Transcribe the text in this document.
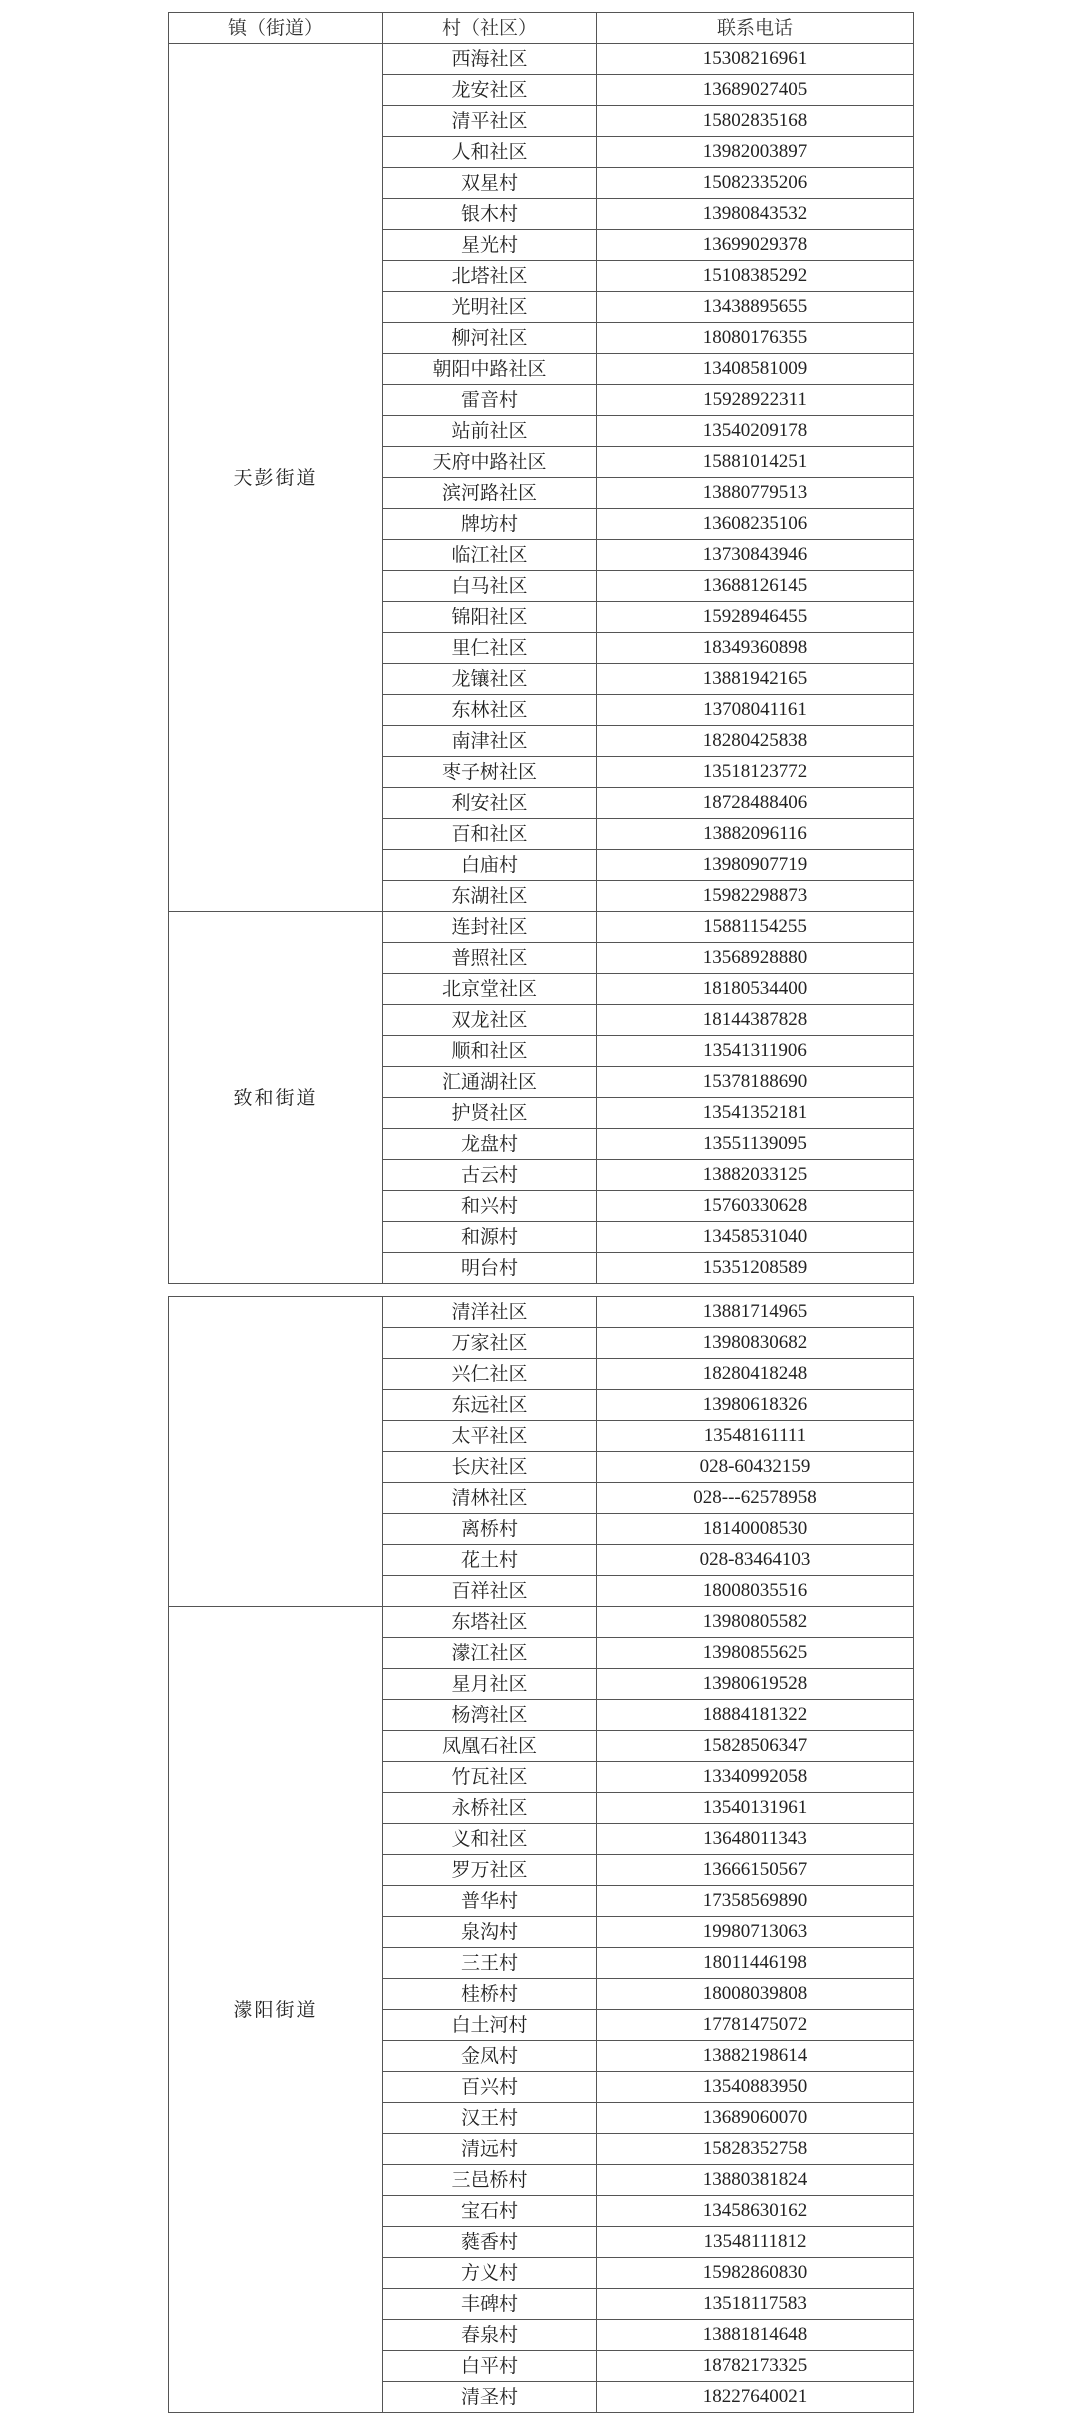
镇（街道）	村（社区）	联系电话
天彭街道	西海社区	15308216961
	龙安社区	13689027405
	清平社区	15802835168
	人和社区	13982003897
	双星村	15082335206
	银木村	13980843532
	星光村	13699029378
	北塔社区	15108385292
	光明社区	13438895655
	柳河社区	18080176355
	朝阳中路社区	13408581009
	雷音村	15928922311
	站前社区	13540209178
	天府中路社区	15881014251
	滨河路社区	13880779513
	牌坊村	13608235106
	临江社区	13730843946
	白马社区	13688126145
	锦阳社区	15928946455
	里仁社区	18349360898
	龙镶社区	13881942165
	东林社区	13708041161
	南津社区	18280425838
	枣子树社区	13518123772
	利安社区	18728488406
	百和社区	13882096116
	白庙村	13980907719
	东湖社区	15982298873
致和街道	连封社区	15881154255
	普照社区	13568928880
	北京堂社区	18180534400
	双龙社区	18144387828
	顺和社区	13541311906
	汇通湖社区	15378188690
	护贤社区	13541352181
	龙盘村	13551139095
	古云村	13882033125
	和兴村	15760330628
	和源村	13458531040
	明台村	15351208589
	清洋社区	13881714965
	万家社区	13980830682
	兴仁社区	18280418248
	东远社区	13980618326
	太平社区	13548161111
	长庆社区	028-60432159
	清林社区	028---62578958
	离桥村	18140008530
	花土村	028-83464103
	百祥社区	18008035516
濛阳街道	东塔社区	13980805582
	濛江社区	13980855625
	星月社区	13980619528
	杨湾社区	18884181322
	凤凰石社区	15828506347
	竹瓦社区	13340992058
	永桥社区	13540131961
	义和社区	13648011343
	罗万社区	13666150567
	普华村	17358569890
	泉沟村	19980713063
	三王村	18011446198
	桂桥村	18008039808
	白土河村	17781475072
	金凤村	13882198614
	百兴村	13540883950
	汉王村	13689060070
	清远村	15828352758
	三邑桥村	13880381824
	宝石村	13458630162
	蕤香村	13548111812
	方义村	15982860830
	丰碑村	13518117583
	春泉村	13881814648
	白平村	18782173325
	清圣村	18227640021
